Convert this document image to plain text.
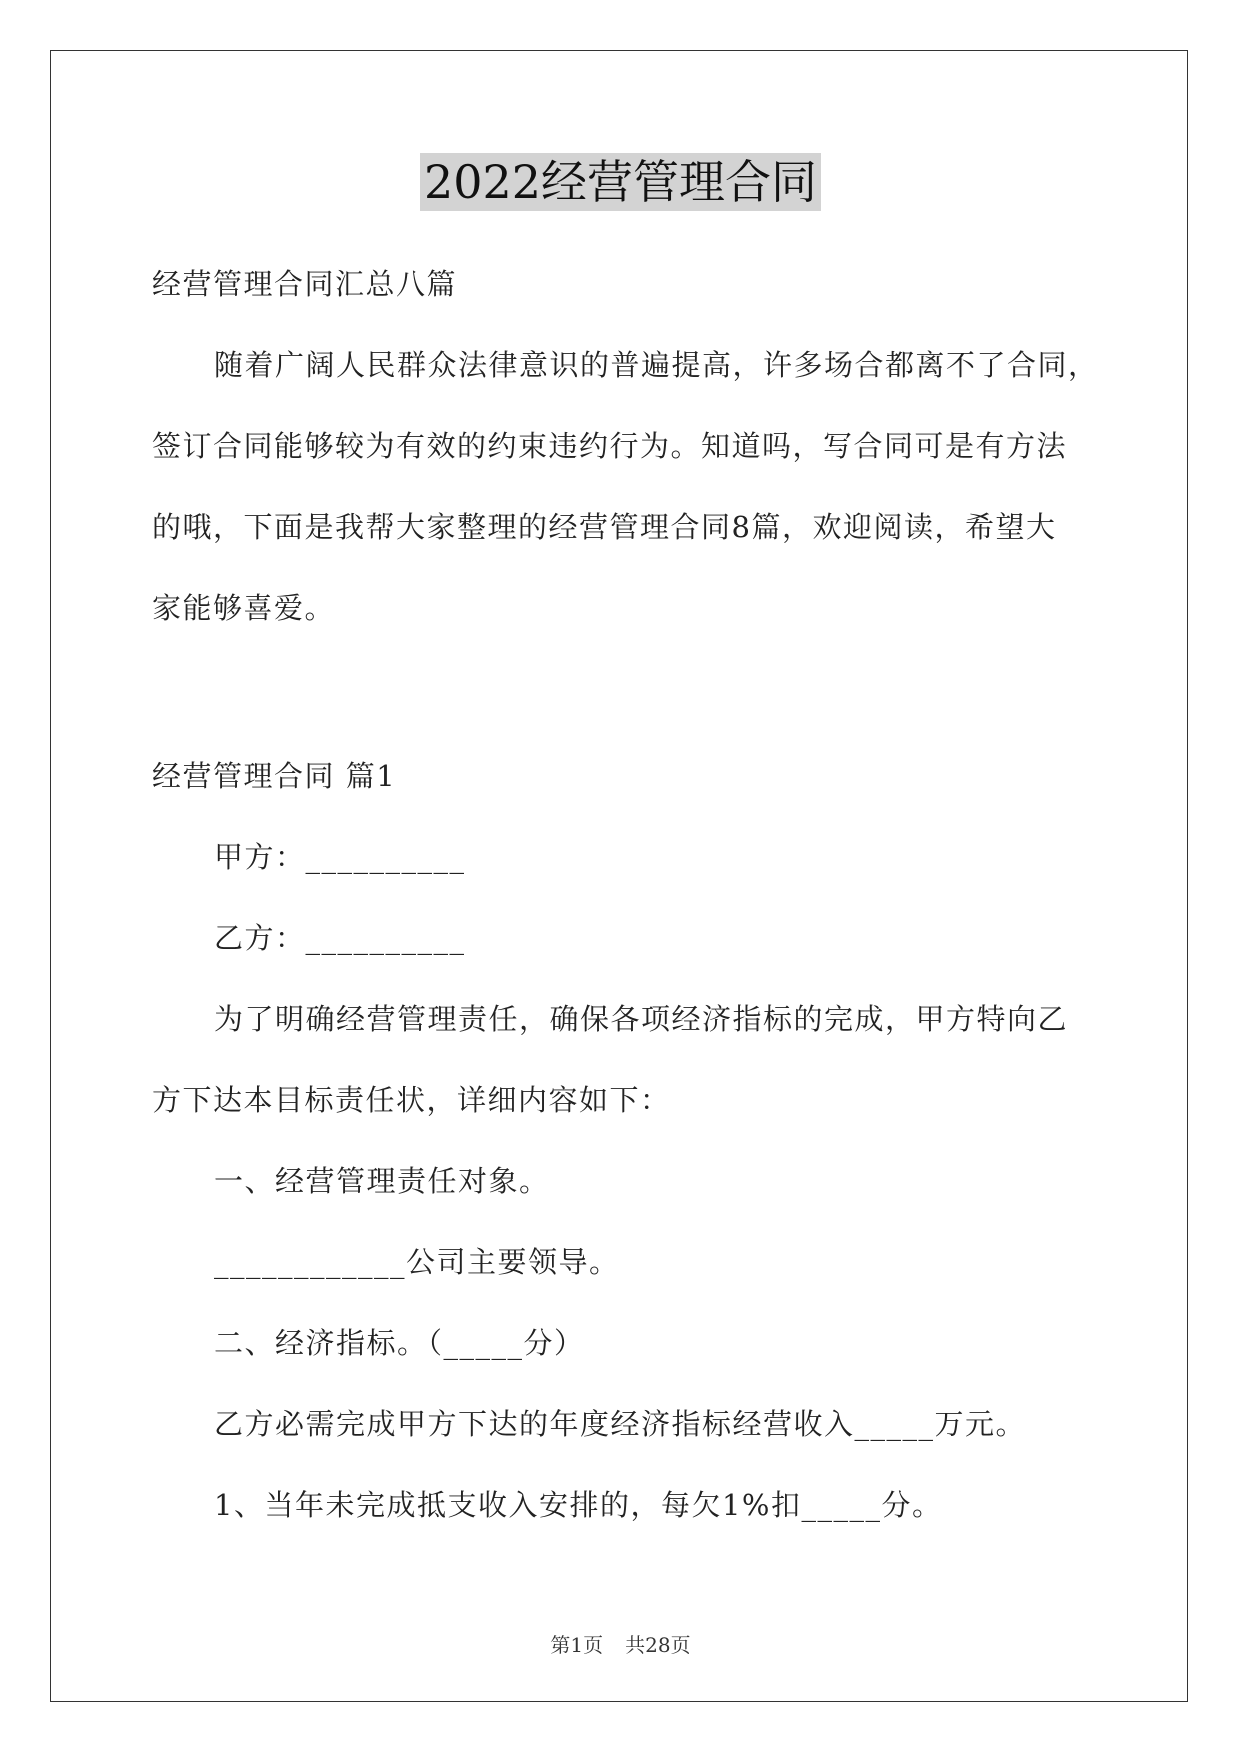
2022经营管理合同
经营管理合同汇总八篇
随着广阔人民群众法律意识的普遍提高，许多场合都离不了合同，
签订合同能够较为有效的约束违约行为。知道吗，写合同可是有方法
的哦，下面是我帮大家整理的经营管理合同8篇，欢迎阅读，希望大
家能够喜爱。
经营管理合同 篇1
甲方：__________
乙方：__________
为了明确经营管理责任，确保各项经济指标的完成，甲方特向乙
方下达本目标责任状，详细内容如下：
一、经营管理责任对象。
____________公司主要领导。
二、经济指标。（_____分）
乙方必需完成甲方下达的年度经济指标经营收入_____万元。
1、当年未完成抵支收入安排的，每欠1%扣_____分。
第1页 共28页
